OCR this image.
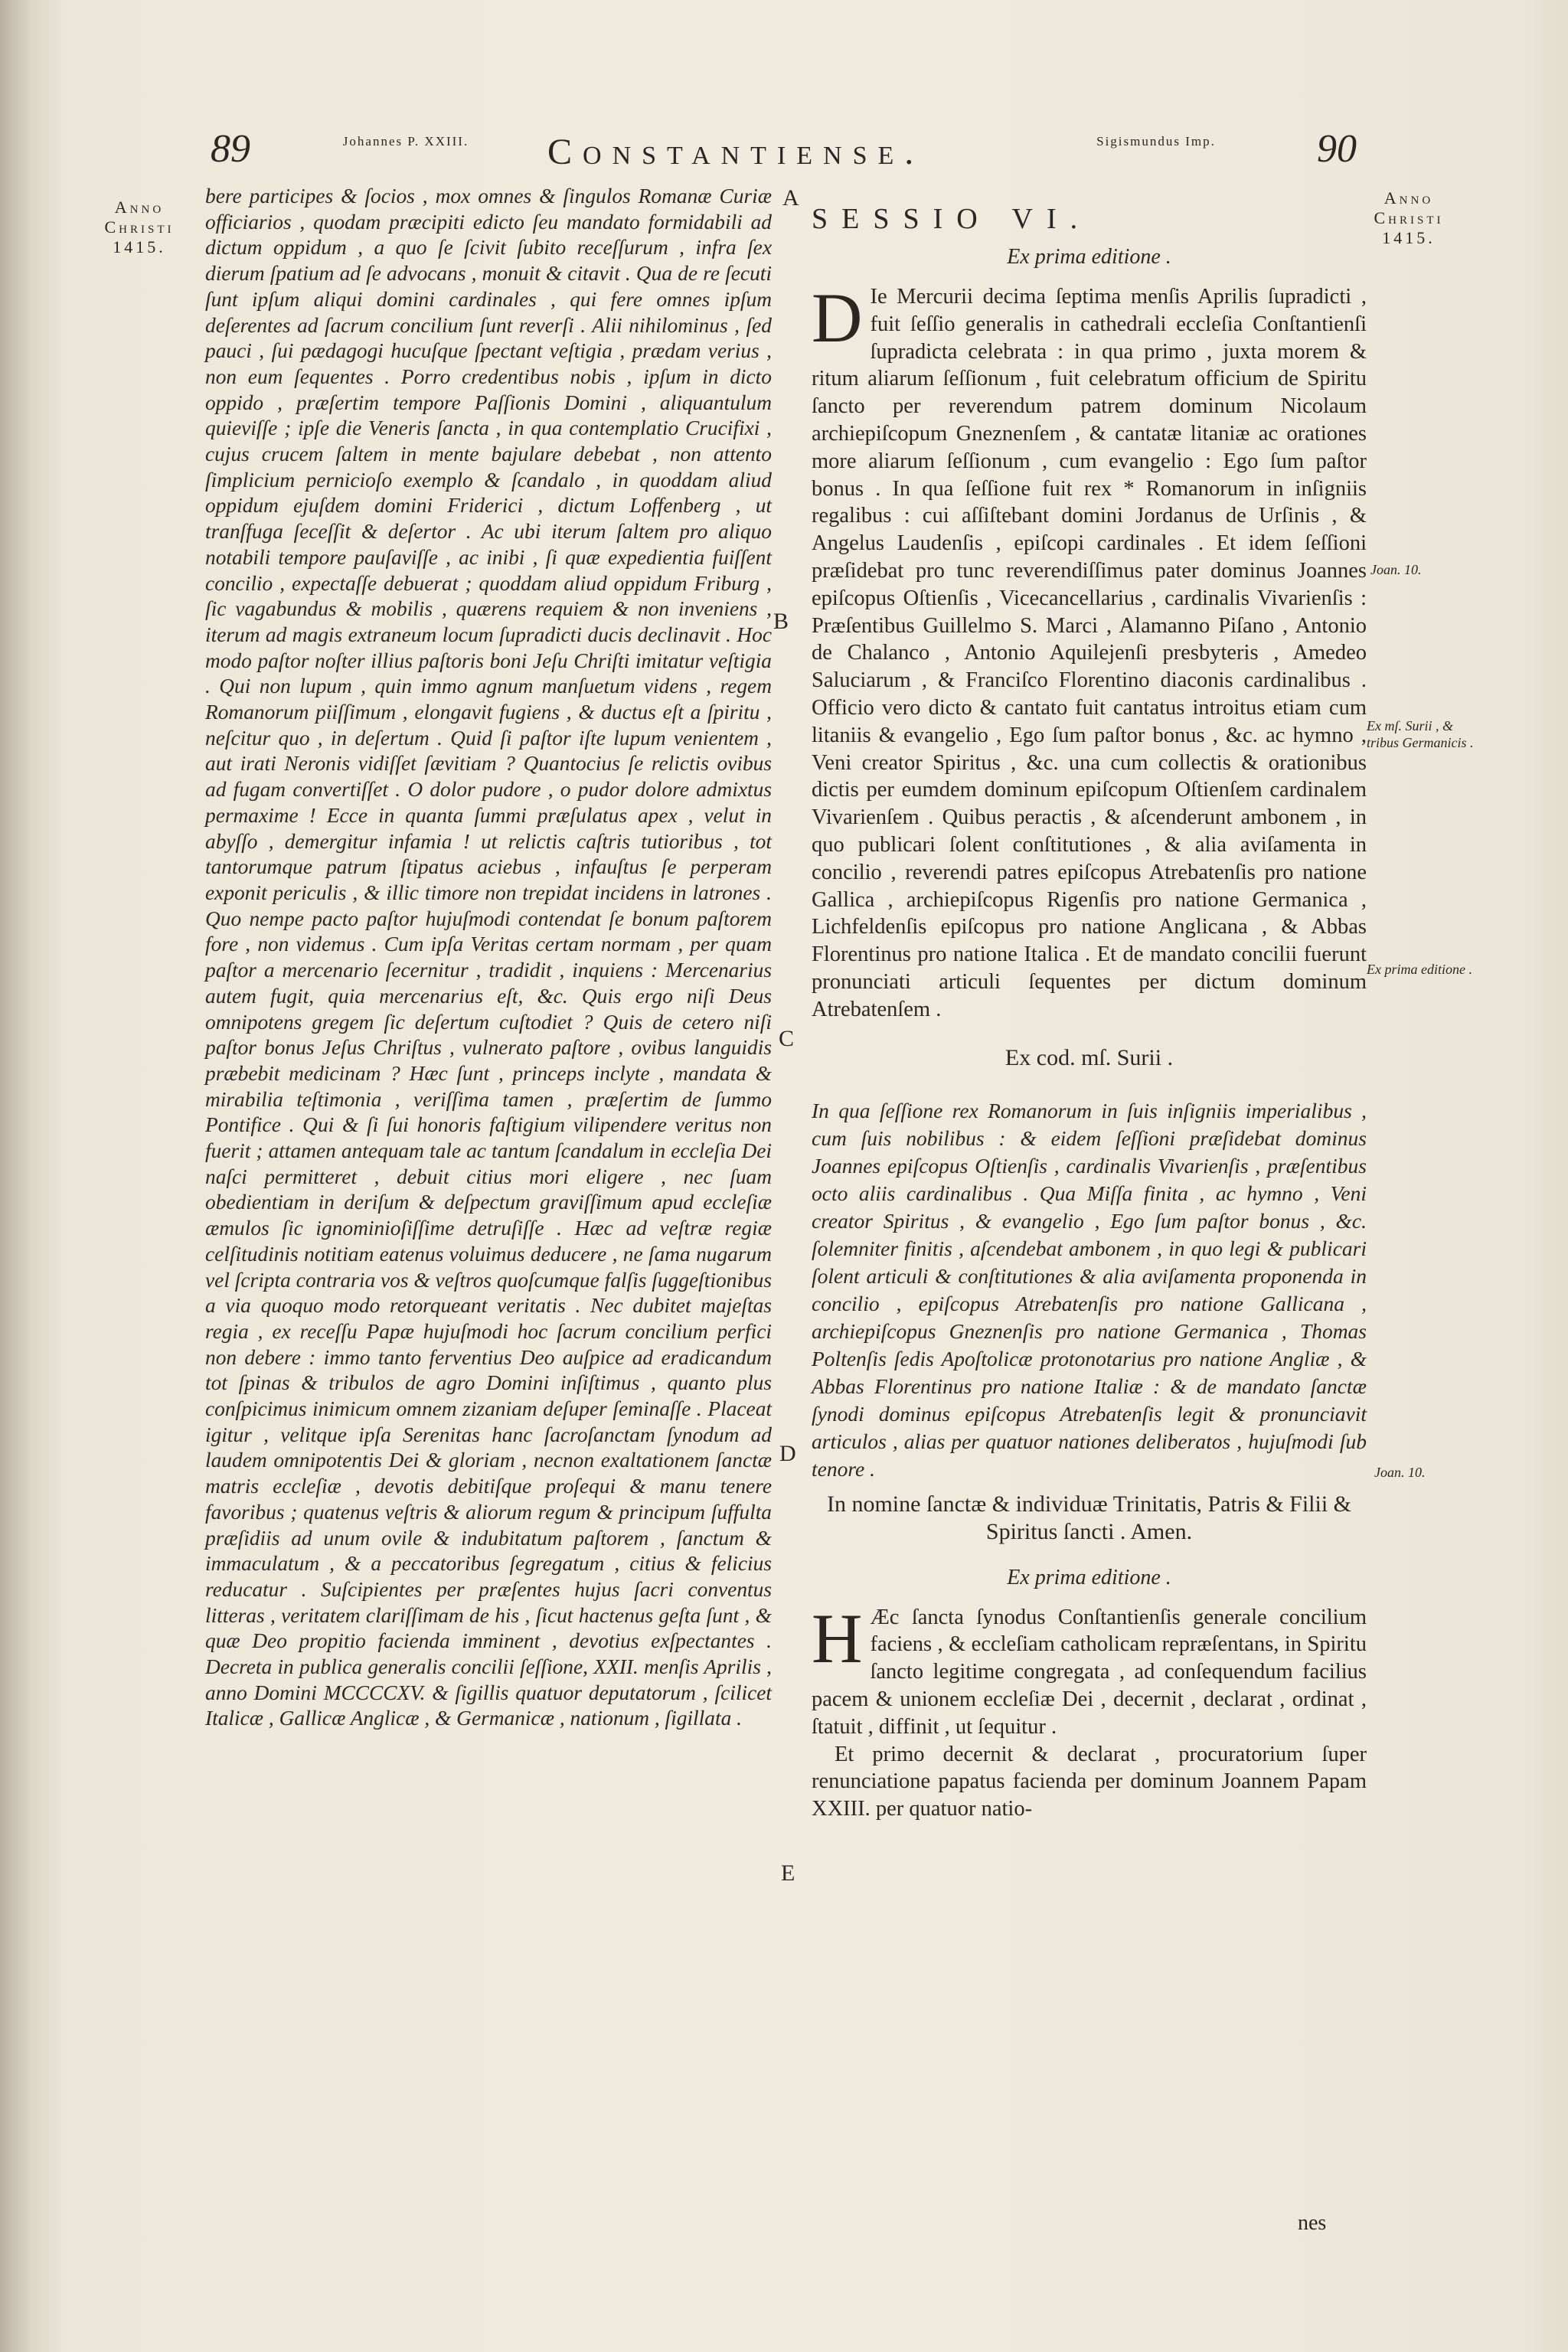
89	Johannes P. XXIII. Constantiense.	Sigismundus Imp.	90
Anno Christi 1415.
Anno Christi 1415.
A
B
C
D
E
Joan. 10.
Ex mſ. Surii , & tribus Germanicis .
Ex prima editione .
Joan. 10.

bere participes & ſocios , mox omnes & ſingulos Romanæ Curiæ officiarios , quodam præcipiti edicto ſeu mandato formidabili ad dictum oppidum , a quo ſe ſcivit ſubito receſſurum , infra ſex dierum ſpatium ad ſe advocans , monuit & citavit . Qua de re ſecuti ſunt ipſum aliqui domini cardinales , qui fere omnes ipſum deſerentes ad ſacrum concilium ſunt reverſi . Alii nihilominus , ſed pauci , ſui pædagogi hucuſque ſpectant veſtigia , prædam verius , non eum ſequentes . Porro credentibus nobis , ipſum in dicto oppido , præſertim tempore Paſſionis Domini , aliquantulum quieviſſe ; ipſe die Veneris ſancta , in qua contemplatio Crucifixi , cujus crucem ſaltem in mente bajulare debebat , non attento ſimplicium pernicioſo exemplo & ſcandalo , in quoddam aliud oppidum ejuſdem domini Friderici , dictum Loffenberg , ut tranſfuga ſeceſſit & deſertor . Ac ubi iterum ſaltem pro aliquo notabili tempore pauſaviſſe , ac inibi , ſi quæ expedientia fuiſſent concilio , expectaſſe debuerat ; quoddam aliud oppidum Friburg , ſic vagabundus & mobilis , quærens requiem & non inveniens , iterum ad magis extraneum locum ſupradicti ducis declinavit . Hoc modo paſtor noſter illius paſtoris boni Jeſu Chriſti imitatur veſtigia . Qui non lupum , quin immo agnum manſuetum videns , regem Romanorum piiſſimum , elongavit fugiens , & ductus eſt a ſpiritu , neſcitur quo , in deſertum . Quid ſi paſtor iſte lupum venientem , aut irati Neronis vidiſſet ſævitiam ? Quantocius ſe relictis ovibus ad fugam convertiſſet . O dolor pudore , o pudor dolore admixtus permaxime ! Ecce in quanta ſummi præſulatus apex , velut in abyſſo , demergitur infamia ! ut relictis caſtris tutioribus , tot tantorumque patrum ſtipatus aciebus , infauſtus ſe perperam exponit periculis , & illic timore non trepidat incidens in latrones . Quo nempe pacto paſtor hujuſmodi contendat ſe bonum paſtorem fore , non videmus . Cum ipſa Veritas certam normam , per quam paſtor a mercenario ſecernitur , tradidit , inquiens : Mercenarius autem fugit, quia mercenarius eſt, &c. Quis ergo niſi Deus omnipotens gregem ſic deſertum cuſtodiet ? Quis de cetero niſi paſtor bonus Jeſus Chriſtus , vulnerato paſtore , ovibus languidis præbebit medicinam ? Hæc ſunt , princeps inclyte , mandata & mirabilia teſtimonia , veriſſima tamen , præſertim de ſummo Pontifice . Qui & ſi ſui honoris faſtigium vilipendere veritus non fuerit ; attamen antequam tale ac tantum ſcandalum in eccleſia Dei naſci permitteret , debuit citius mori eligere , nec ſuam obedientiam in deriſum & deſpectum graviſſimum apud eccleſiæ æmulos ſic ignominioſiſſime detruſiſſe . Hæc ad veſtræ regiæ celſitudinis notitiam eatenus voluimus deducere , ne ſama nugarum vel ſcripta contraria vos & veſtros quoſcumque falſis ſuggeſtionibus a via quoquo modo retorqueant veritatis . Nec dubitet majeſtas regia , ex receſſu Papæ hujuſmodi hoc ſacrum concilium perfici non debere : immo tanto ferventius Deo auſpice ad eradicandum tot ſpinas & tribulos de agro Domini inſiſtimus , quanto plus conſpicimus inimicum omnem zizaniam deſuper ſeminaſſe . Placeat igitur , velitque ipſa Serenitas hanc ſacroſanctam ſynodum ad laudem omnipotentis Dei & gloriam , necnon exaltationem ſanctæ matris eccleſiæ , devotis debitiſque proſequi & manu tenere favoribus ; quatenus veſtris & aliorum regum & principum ſuffulta præſidiis ad unum ovile & indubitatum paſtorem , ſanctum & immaculatum , & a peccatoribus ſegregatum , citius & felicius reducatur . Suſcipientes per præſentes hujus ſacri conventus litteras , veritatem clariſſimam de his , ſicut hactenus geſta ſunt , & quæ Deo propitio facienda imminent , devotius exſpectantes . Decreta in publica generalis concilii ſeſſione, XXII. menſis Aprilis , anno Domini MCCCCXV. & ſigillis quatuor deputatorum , ſcilicet Italicæ , Gallicæ Anglicæ , & Germanicæ , nationum , ſigillata .

SESSIO VI.

Ex prima editione .

D Ie Mercurii decima ſeptima menſis Aprilis ſupradicti , fuit ſeſſio generalis in cathedrali eccleſia Conſtantienſi ſupradicta celebrata : in qua primo , juxta morem & ritum aliarum ſeſſionum , fuit celebratum officium de Spiritu ſancto per reverendum patrem dominum Nicolaum archiepiſcopum Gneznenſem , & cantatæ litaniæ ac orationes more aliarum ſeſſionum , cum evangelio : Ego ſum paſtor bonus . In qua ſeſſione fuit rex * Romanorum in inſigniis regalibus : cui aſſiſtebant domini Jordanus de Urſinis , & Angelus Laudenſis , epiſcopi cardinales . Et idem ſeſſioni præſidebat pro tunc reverendiſſimus pater dominus Joannes epiſcopus Oſtienſis , Vicecancellarius , cardinalis Vivarienſis : Præſentibus Guillelmo S. Marci , Alamanno Piſano , Antonio de Chalanco , Antonio Aquilejenſi presbyteris , Amedeo Saluciarum , & Franciſco Florentino diaconis cardinalibus . Officio vero dicto & cantato fuit cantatus introitus etiam cum litaniis & evangelio , Ego ſum paſtor bonus , &c. ac hymno , Veni creator Spiritus , &c. una cum collectis & orationibus dictis per eumdem dominum epiſcopum Oſtienſem cardinalem Vivarienſem . Quibus peractis , & aſcenderunt ambonem , in quo publicari ſolent conſtitutiones , & alia aviſamenta in concilio , reverendi patres epiſcopus Atrebatenſis pro natione Gallica , archiepiſcopus Rigenſis pro natione Germanica , Lichfeldenſis epiſcopus pro natione Anglicana , & Abbas Florentinus pro natione Italica . Et de mandato concilii fuerunt pronunciati articuli ſequentes per dictum dominum Atrebatenſem .

Ex cod. mſ. Surii .

In qua ſeſſione rex Romanorum in ſuis inſigniis imperialibus , cum ſuis nobilibus : & eidem ſeſſioni præſidebat dominus Joannes epiſcopus Oſtienſis , cardinalis Vivarienſis , præſentibus octo aliis cardinalibus . Qua Miſſa finita , ac hymno , Veni creator Spiritus , & evangelio , Ego ſum paſtor bonus , &c. ſolemniter finitis , aſcendebat ambonem , in quo legi & publicari ſolent articuli & conſtitutiones & alia aviſamenta proponenda in concilio , epiſcopus Atrebatenſis pro natione Gallicana , archiepiſcopus Gneznenſis pro natione Germanica , Thomas Poltenſis ſedis Apoſtolicæ protonotarius pro natione Angliæ , & Abbas Florentinus pro natione Italiæ : & de mandato ſanctæ ſynodi dominus epiſcopus Atrebatenſis legit & pronunciavit articulos , alias per quatuor nationes deliberatos , hujuſmodi ſub tenore .

In nomine ſanctæ & individuæ Trinitatis, Patris & Filii & Spiritus ſancti . Amen.

Ex prima editione .

H Æc ſancta ſynodus Conſtantienſis generale concilium faciens , & eccleſiam catholicam repræſentans, in Spiritu ſancto legitime congregata , ad conſequendum facilius pacem & unionem eccleſiæ Dei , decernit , declarat , ordinat , ſtatuit , diffinit , ut ſequitur .

Et primo decernit & declarat , procuratorium ſuper renunciatione papatus facienda per dominum Joannem Papam XXIII. per quatuor natio-

nes
